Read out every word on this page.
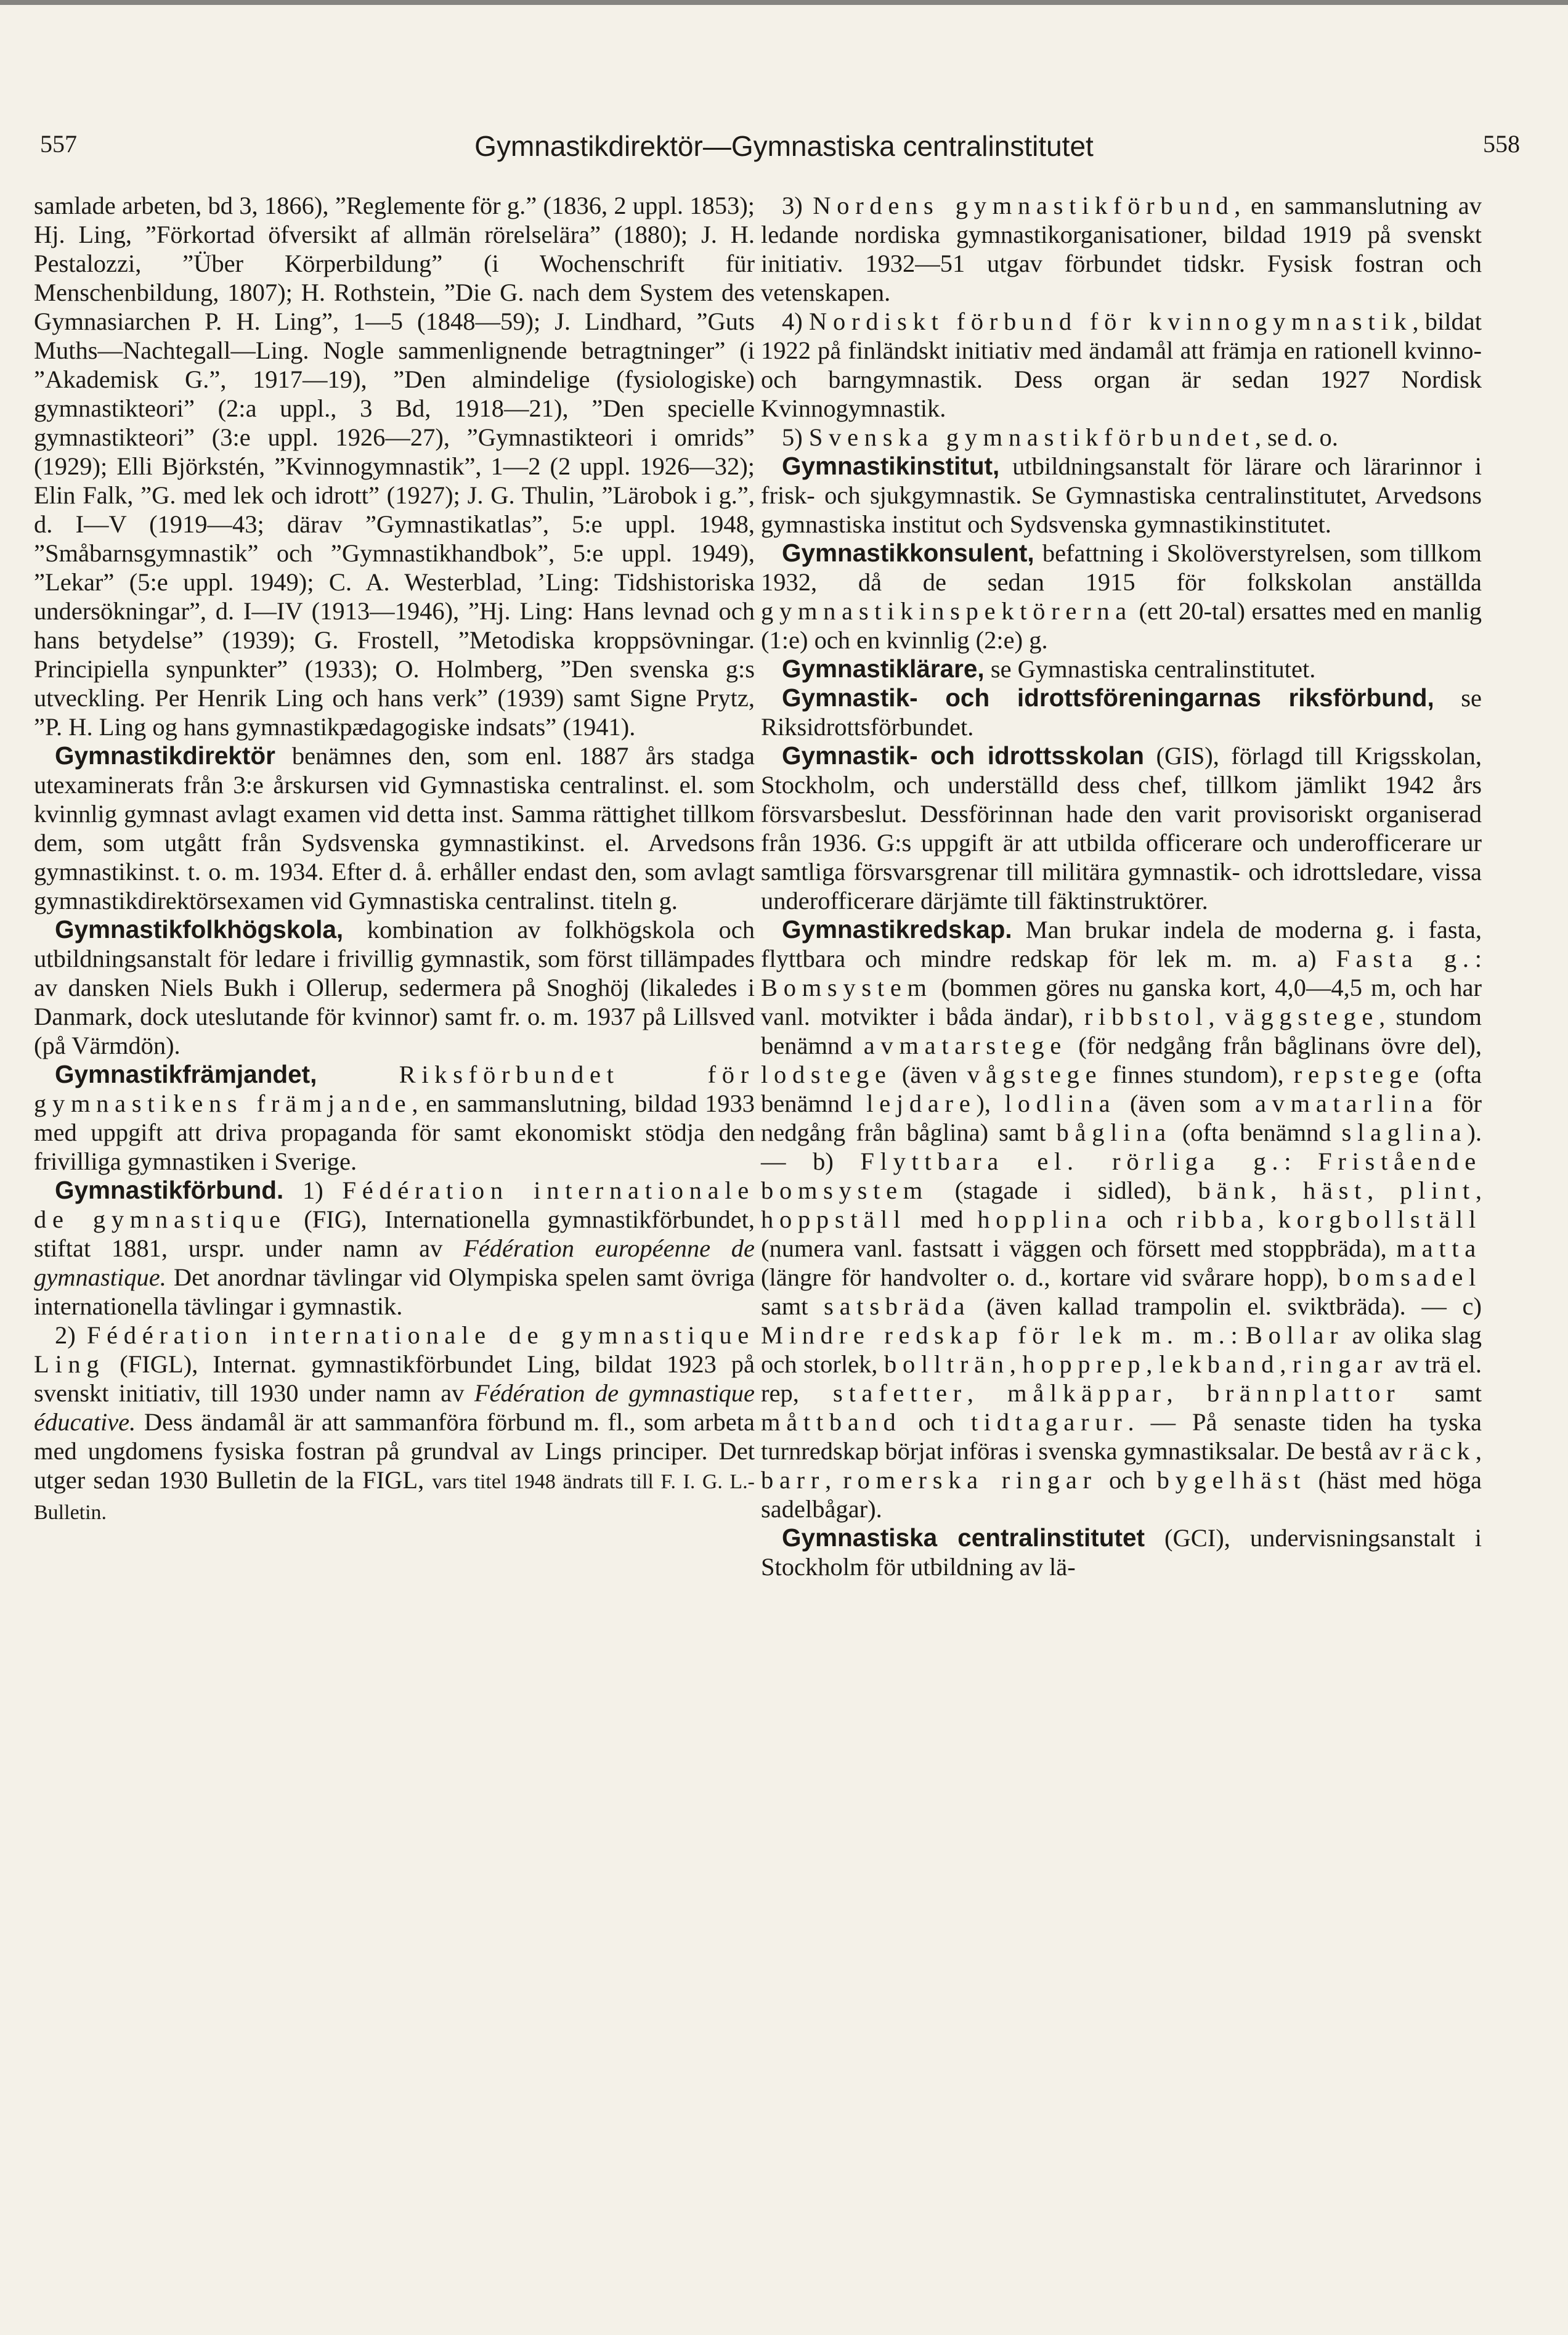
557	Gymnastikdirektör—Gymnastiska centralinstitutet	558

samlade arbeten, bd 3, 1866), ”Reglemente för g.” (1836, 2 uppl. 1853); Hj. Ling, ”Förkortad öfversikt af allmän rörelselära” (1880); J. H. Pestalozzi, ”Über Körperbildung” (i Wochenschrift für Menschenbildung, 1807); H. Rothstein, ”Die G. nach dem System des Gymnasiarchen P. H. Ling”, 1—5 (1848—59); J. Lindhard, ”Guts Muths—Nachtegall—Ling. Nogle sammenlignende betragtninger” (i ”Akademisk G.”, 1917—19), ”Den almindelige (fysiologiske) gymnastikteori” (2:a uppl., 3 Bd, 1918—21), ”Den specielle gymnastikteori” (3:e uppl. 1926—27), ”Gymnastikteori i omrids” (1929); Elli Björkstén, ”Kvinnogymnastik”, 1—2 (2 uppl. 1926—32); Elin Falk, ”G. med lek och idrott” (1927); J. G. Thulin, ”Lärobok i g.”, d. I—V (1919—43; därav ”Gymnastikatlas”, 5:e uppl. 1948, ”Småbarnsgymnastik” och ”Gymnastikhandbok”, 5:e uppl. 1949), ”Lekar” (5:e uppl. 1949); C. A. Westerblad, ’Ling: Tidshistoriska undersökningar”, d. I—IV (1913—1946), ”Hj. Ling: Hans levnad och hans betydelse” (1939); G. Frostell, ”Metodiska kroppsövningar. Principiella synpunkter” (1933); O. Holmberg, ”Den svenska g:s utveckling. Per Henrik Ling och hans verk” (1939) samt Signe Prytz, ”P. H. Ling og hans gymnastikpædagogiske indsats” (1941).

Gymnastikdirektör benämnes den, som enl. 1887 års stadga utexaminerats från 3:e årskursen vid Gymnastiska centralinst. el. som kvinnlig gymnast avlagt examen vid detta inst. Samma rättighet tillkom dem, som utgått från Sydsvenska gymnastikinst. el. Arvedsons gymnastikinst. t. o. m. 1934. Efter d. å. erhåller endast den, som avlagt gymnastikdirektörsexamen vid Gymnastiska centralinst. titeln g.

Gymnastikfolkhögskola, kombination av folkhögskola och utbildningsanstalt för ledare i frivillig gymnastik, som först tillämpades av dansken Niels Bukh i Ollerup, sedermera på Snoghöj (likaledes i Danmark, dock uteslutande för kvinnor) samt fr. o. m. 1937 på Lillsved (på Värmdön).

Gymnastikfrämjandet,	Riksförbundet för gymnastikens främjande, en sammanslutning, bildad 1933 med uppgift att driva propaganda för samt ekonomiskt stödja den frivilliga gymnastiken i Sverige.

Gymnastikförbund. 1) Fédération internationale de gymnastique (FIG), Internationella gymnastikförbundet, stiftat 1881, urspr. under namn av Fédération européenne de gymnastique. Det anordnar tävlingar vid Olympiska spelen samt övriga internationella tävlingar i gymnastik.

2) Fédération internationale de gymnastique Ling (FIGL), Internat. gymnastikförbundet Ling, bildat 1923 på svenskt initiativ, till 1930 under namn av Fédération de gymnastique éducative. Dess ändamål är att sammanföra förbund m. fl., som arbeta med ungdomens fysiska fostran på grundval av Lings principer. Det utger sedan 1930 Bulletin de la FIGL, vars titel 1948 ändrats till F. I. G. L.-Bulletin.

3) Nordens gymnastikförbund, en sammanslutning av ledande nordiska gymnastikorganisationer, bildad 1919 på svenskt initiativ. 1932—51 utgav förbundet tidskr. Fysisk fostran och vetenskapen.

4) Nordiskt förbund för kvinnogymnastik, bildat 1922 på finländskt initiativ med ändamål att främja en rationell kvinno- och barngymnastik. Dess organ är sedan 1927 Nordisk Kvinnogymnastik.

5) Svenska gymnastikförbundet, se d. o.

Gymnastikinstitut, utbildningsanstalt för lärare och lärarinnor i frisk- och sjukgymnastik. Se Gymnastiska centralinstitutet, Arvedsons gymnastiska institut och Sydsvenska gymnastikinstitutet.

Gymnastikkonsulent, befattning i Skolöverstyrelsen, som tillkom 1932, då de sedan 1915 för folkskolan anställda gymnastikinspektörerna (ett 20-tal) ersattes med en manlig (1:e) och en kvinnlig (2:e) g.

Gymnastiklärare, se Gymnastiska centralinstitutet.

Gymnastik- och idrottsföreningarnas riksförbund, se Riksidrottsförbundet.

Gymnastik- och idrottsskolan (GIS), förlagd till Krigsskolan, Stockholm, och underställd dess chef, tillkom jämlikt 1942 års försvarsbeslut. Dessförinnan hade den varit provisoriskt organiserad från 1936. G:s uppgift är att utbilda officerare och underofficerare ur samtliga försvarsgrenar till militära gymnastik- och idrottsledare, vissa underofficerare därjämte till fäktinstruktörer.

Gymnastikredskap. Man brukar indela de moderna g. i fasta, flyttbara och mindre redskap för lek m. m. a) Fasta g.: Bomsystem (bommen göres nu ganska kort, 4,0—4,5 m, och har vanl. motvikter i båda ändar), ribbstol, väggstege, stundom benämnd avmatarstege (för nedgång från båglinans övre del), lodstege (även vågstege finnes stundom), repstege (ofta benämnd lejdare), lodlina (även som avmatarlina för nedgång från båglina) samt båglina (ofta benämnd slaglina). — b) Flyttbara el. rörliga g.: Fristående bomsystem (stagade i sidled), bänk, häst, plint, hoppställ med hopplina och ribba, korgbollställ (numera vanl. fastsatt i väggen och försett med stoppbräda), matta (längre för handvolter o. d., kortare vid svårare hopp), bomsadel samt satsbräda (även kallad trampolin el. sviktbräda). — c) Mindre redskap för lek m. m.: Bollar av olika slag och storlek, bollträn, hopprep, lekband, ringar av trä el. rep, stafetter, målkäppar, brännplattor samt måttband och tidtagarur. — På senaste tiden ha tyska turnredskap börjat införas i svenska gymnastiksalar. De bestå av räck, barr, romerska ringar och bygelhäst (häst med höga sadelbågar).

Gymnastiska centralinstitutet (GCI), undervisningsanstalt i Stockholm för utbildning av lä-
